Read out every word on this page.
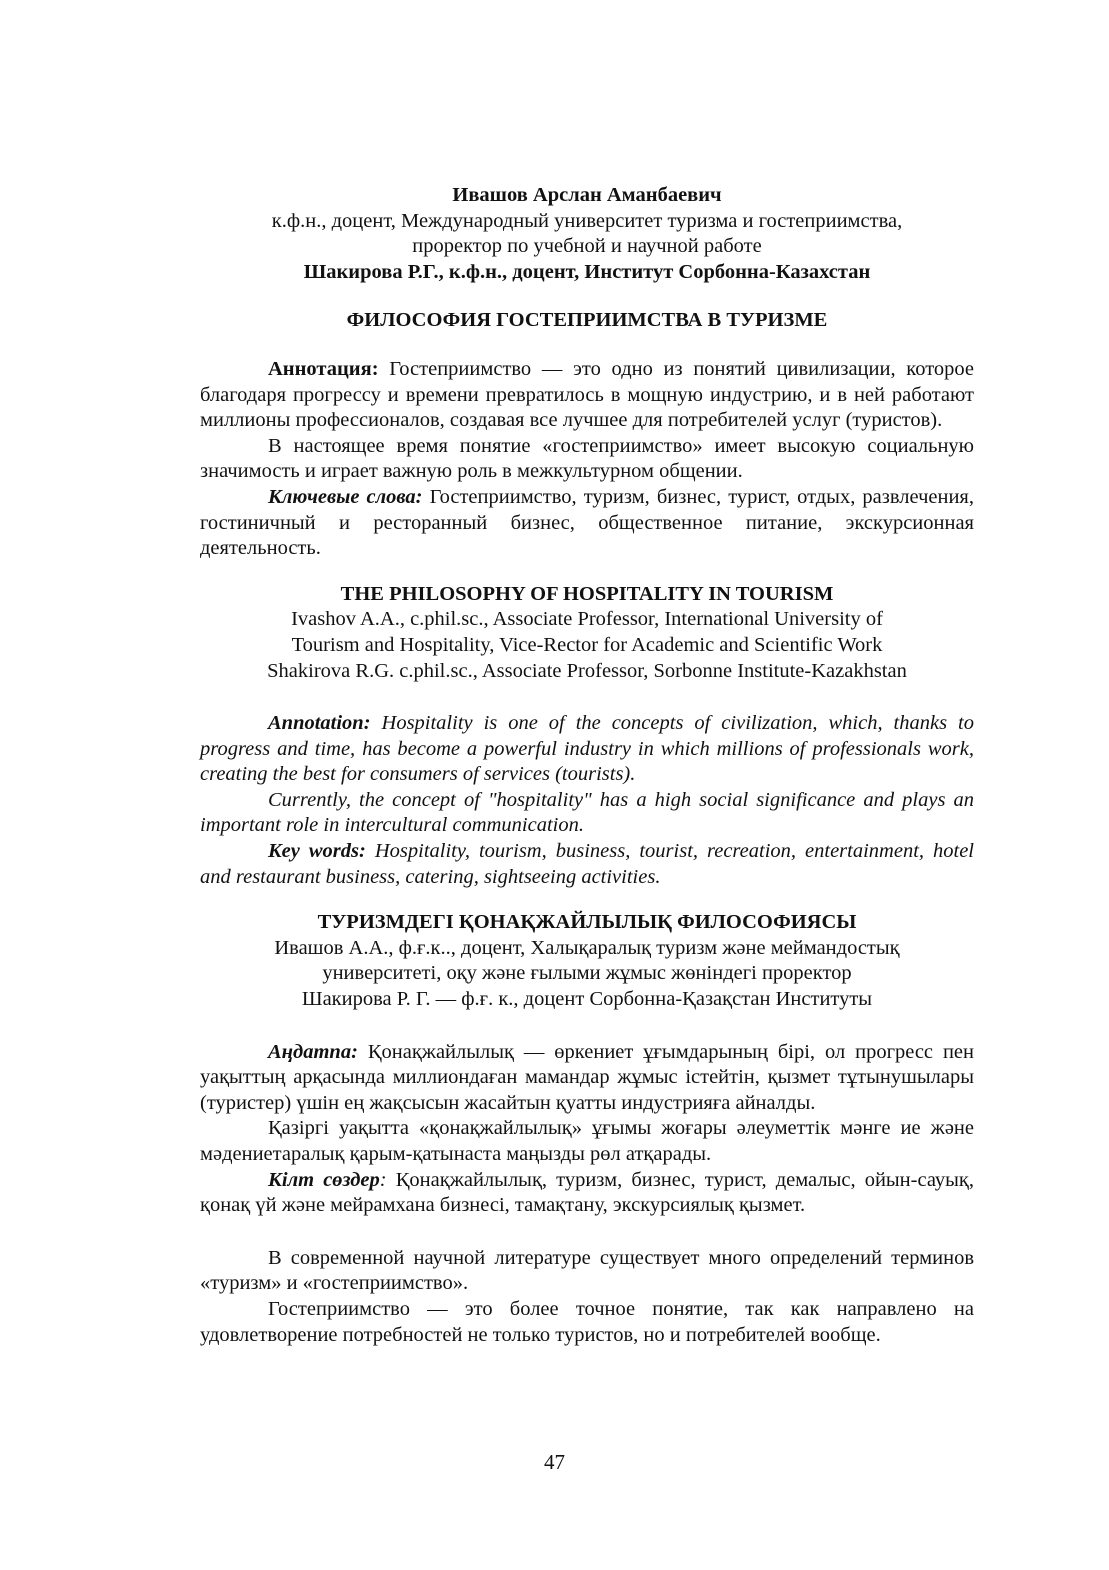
Ивашов Арслан Аманбаевич

к.ф.н., доцент, Международный университет туризма и гостеприимства,

проректор по учебной и научной работе

Шакирова Р.Г., к.ф.н., доцент, Институт Сорбонна-Казахстан

ФИЛОСОФИЯ ГОСТЕПРИИМСТВА В ТУРИЗМЕ

Аннотация: Гостеприимство — это одно из понятий цивилизации, которое благодаря прогрессу и времени превратилось в мощную индустрию, и в ней работают миллионы профессионалов, создавая все лучшее для потребителей услуг (туристов).

В настоящее время понятие «гостеприимство» имеет высокую социальную значимость и играет важную роль в межкультурном общении.

Ключевые слова: Гостеприимство, туризм, бизнес, турист, отдых, развлечения, гостиничный и ресторанный бизнес, общественное питание, экскурсионная деятельность.

THE PHILOSOPHY OF HOSPITALITY IN TOURISM

Ivashov A.A., c.phil.sc., Associate Professor, International University of

Tourism and Hospitality, Vice-Rector for Academic and Scientific Work

Shakirova R.G. c.phil.sc., Associate Professor, Sorbonne Institute-Kazakhstan

Annotation: Hospitality is one of the concepts of civilization, which, thanks to progress and time, has become a powerful industry in which millions of professionals work, creating the best for consumers of services (tourists).

Currently, the concept of "hospitality" has a high social significance and plays an important role in intercultural communication.

Key words: Hospitality, tourism, business, tourist, recreation, entertainment, hotel and restaurant business, catering, sightseeing activities.

ТУРИЗМДЕГІ ҚОНАҚЖАЙЛЫЛЫҚ ФИЛОСОФИЯСЫ

Ивашов А.А., ф.ғ.к.., доцент, Халықаралық туризм және меймандостық

университеті, оқу және ғылыми жұмыс жөніндегі проректор

Шакирова Р. Г. — ф.ғ. к., доцент Сорбонна-Қазақстан Институты

Аңдатпа: Қонақжайлылық — өркениет ұғымдарының бірі, ол прогресс пен уақыттың арқасында миллиондаған мамандар жұмыс істейтін, қызмет тұтынушылары (туристер) үшін ең жақсысын жасайтын қуатты индустрияға айналды.

Қазіргі уақытта «қонақжайлылық» ұғымы жоғары әлеуметтік мәнге ие және мәдениетаралық қарым-қатынаста маңызды рөл атқарады.

Кілт сөздер: Қонақжайлылық, туризм, бизнес, турист, демалыс, ойын-сауық, қонақ үй және мейрамхана бизнесі, тамақтану, экскурсиялық қызмет.

В современной научной литературе существует много определений терминов «туризм» и «гостеприимство».

Гостеприимство — это более точное понятие, так как направлено на удовлетворение потребностей не только туристов, но и потребителей вообще.

47
